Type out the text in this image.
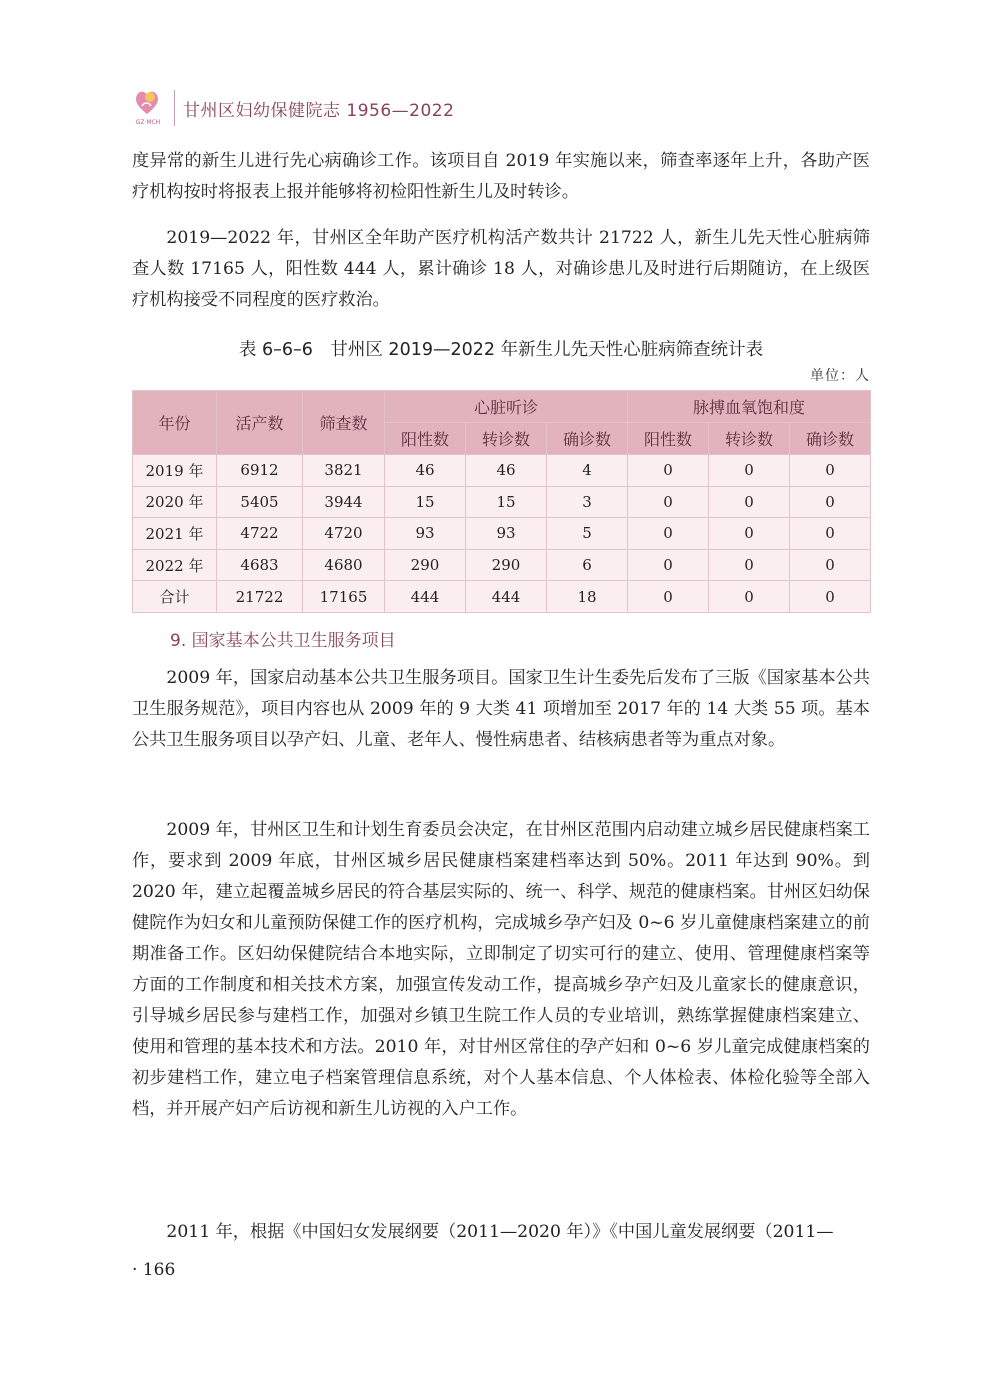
GZ·MCH
甘州区妇幼保健院志 1956—2022

度异常的新生儿进行先心病确诊工作。该项目自 2019 年实施以来，筛查率逐年上升，各助产医疗机构按时将报表上报并能够将初检阳性新生儿及时转诊。

2019—2022 年，甘州区全年助产医疗机构活产数共计 21722 人，新生儿先天性心脏病筛查人数 17165 人，阳性数 444 人，累计确诊 18 人，对确诊患儿及时进行后期随访，在上级医疗机构接受不同程度的医疗救治。

表 6–6–6　甘州区 2019—2022 年新生儿先天性心脏病筛查统计表
单位：人
年份	活产数	筛查数	心脏听诊			脉搏血氧饱和度		
			阳性数	转诊数	确诊数	阳性数	转诊数	确诊数
2019 年	6912	3821	46	46	4	0	0	0
2020 年	5405	3944	15	15	3	0	0	0
2021 年	4722	4720	93	93	5	0	0	0
2022 年	4683	4680	290	290	6	0	0	0
合计	21722	17165	444	444	18	0	0	0
9. 国家基本公共卫生服务项目

2009 年，国家启动基本公共卫生服务项目。国家卫生计生委先后发布了三版《国家基本公共卫生服务规范》，项目内容也从 2009 年的 9 大类 41 项增加至 2017 年的 14 大类 55 项。基本公共卫生服务项目以孕产妇、儿童、老年人、慢性病患者、结核病患者等为重点对象。

2009 年，甘州区卫生和计划生育委员会决定，在甘州区范围内启动建立城乡居民健康档案工作，要求到 2009 年底，甘州区城乡居民健康档案建档率达到 50%。2011 年达到 90%。到 2020 年，建立起覆盖城乡居民的符合基层实际的、统一、科学、规范的健康档案。甘州区妇幼保健院作为妇女和儿童预防保健工作的医疗机构，完成城乡孕产妇及 0~6 岁儿童健康档案建立的前期准备工作。区妇幼保健院结合本地实际，立即制定了切实可行的建立、使用、管理健康档案等方面的工作制度和相关技术方案，加强宣传发动工作，提高城乡孕产妇及儿童家长的健康意识，引导城乡居民参与建档工作，加强对乡镇卫生院工作人员的专业培训，熟练掌握健康档案建立、使用和管理的基本技术和方法。2010 年，对甘州区常住的孕产妇和 0~6 岁儿童完成健康档案的初步建档工作，建立电子档案管理信息系统，对个人基本信息、个人体检表、体检化验等全部入档，并开展产妇产后访视和新生儿访视的入户工作。

2011 年，根据《中国妇女发展纲要（2011—2020 年）》《中国儿童发展纲要（2011—

· 166
